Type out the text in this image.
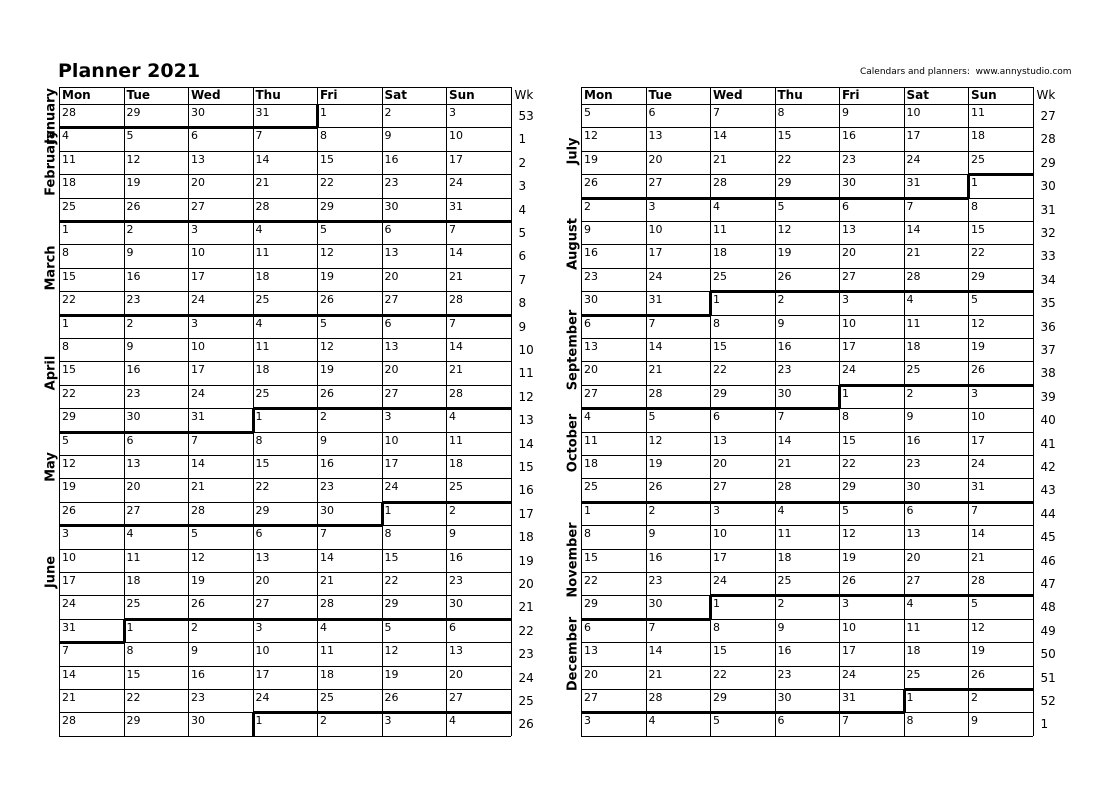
Planner 2021	Calendars and planners:  www.annystudio.com
Mon	Tue	Wed	Thu	Fri	Sat	Sun	Wk
28	29	30	31	1	2	3	53
4	5	6	7	8	9	10	1
11	12	13	14	15	16	17	2
18	19	20	21	22	23	24	3
25	26	27	28	29	30	31	4
1	2	3	4	5	6	7	5
8	9	10	11	12	13	14	6
15	16	17	18	19	20	21	7
22	23	24	25	26	27	28	8
1	2	3	4	5	6	7	9
8	9	10	11	12	13	14	10
15	16	17	18	19	20	21	11
22	23	24	25	26	27	28	12
29	30	31	1	2	3	4	13
5	6	7	8	9	10	11	14
12	13	14	15	16	17	18	15
19	20	21	22	23	24	25	16
26	27	28	29	30	1	2	17
3	4	5	6	7	8	9	18
10	11	12	13	14	15	16	19
17	18	19	20	21	22	23	20
24	25	26	27	28	29	30	21
31	1	2	3	4	5	6	22
7	8	9	10	11	12	13	23
14	15	16	17	18	19	20	24
21	22	23	24	25	26	27	25
28	29	30	1	2	3	4	26
Mon	Tue	Wed	Thu	Fri	Sat	Sun	Wk
5	6	7	8	9	10	11	27
12	13	14	15	16	17	18	28
19	20	21	22	23	24	25	29
26	27	28	29	30	31	1	30
2	3	4	5	6	7	8	31
9	10	11	12	13	14	15	32
16	17	18	19	20	21	22	33
23	24	25	26	27	28	29	34
30	31	1	2	3	4	5	35
6	7	8	9	10	11	12	36
13	14	15	16	17	18	19	37
20	21	22	23	24	25	26	38
27	28	29	30	1	2	3	39
4	5	6	7	8	9	10	40
11	12	13	14	15	16	17	41
18	19	20	21	22	23	24	42
25	26	27	28	29	30	31	43
1	2	3	4	5	6	7	44
8	9	10	11	12	13	14	45
15	16	17	18	19	20	21	46
22	23	24	25	26	27	28	47
29	30	1	2	3	4	5	48
6	7	8	9	10	11	12	49
13	14	15	16	17	18	19	50
20	21	22	23	24	25	26	51
27	28	29	30	31	1	2	52
3	4	5	6	7	8	9	1
January
February
March
April
May
June
July
August
September
October
November
December
